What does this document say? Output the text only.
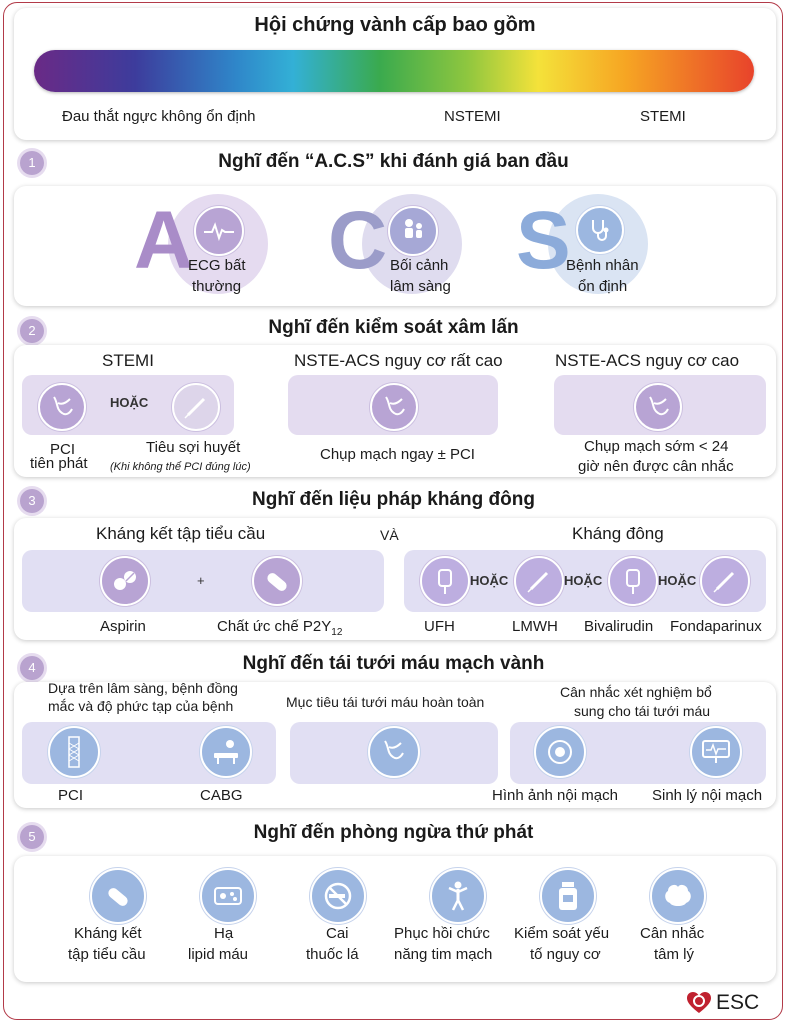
Hội chứng vành cấp bao gồm
Đau thắt ngực không ổn định	NSTEMI	STEMI
1	Nghĩ đến “A.C.S” khi đánh giá ban đầu
A
ECG bất
thường
C Bối cảnh
lâm sàng
S
Bệnh nhân
ổn định
2	Nghĩ đến kiểm soát xâm lấn
STEMI	NSTE-ACS nguy cơ rất cao	NSTE-ACS nguy cơ cao
HOẶC
PCI
tiên phát
Tiêu sợi huyết
(Khi không thể PCI đúng lúc)
Chụp mạch ngay ± PCI	Chụp mạch sớm < 24
giờ nên được cân nhắc
3	Nghĩ đến liệu pháp kháng đông
Kháng kết tập tiểu cầu	VÀ	Kháng đông
+
Aspirin	Chất ức chế $P2Y_{12}$
HOẶC	HOẶC	HOẶC
UFH	LMWH Bivalirudin Fondaparinux
4	Nghĩ đến tái tưới máu mạch vành
Dựa trên lâm sàng, bệnh đồng
mắc và độ phức tạp của bệnh	Mục tiêu tái tưới máu hoàn toàn
Cân nhắc xét nghiệm bổ
sung cho tái tưới máu
PCI	CABG	Hình ảnh nội mạch Sinh lý nội mạch
5	Nghĩ đến phòng ngừa thứ phát
Kháng kết
tập tiểu cầu
Hạ
lipid máu
Cai
thuốc lá
Phục hồi chức
năng tim mạch
Kiểm soát yếu
tố nguy cơ
Cân nhắc
tâm lý
ESC
